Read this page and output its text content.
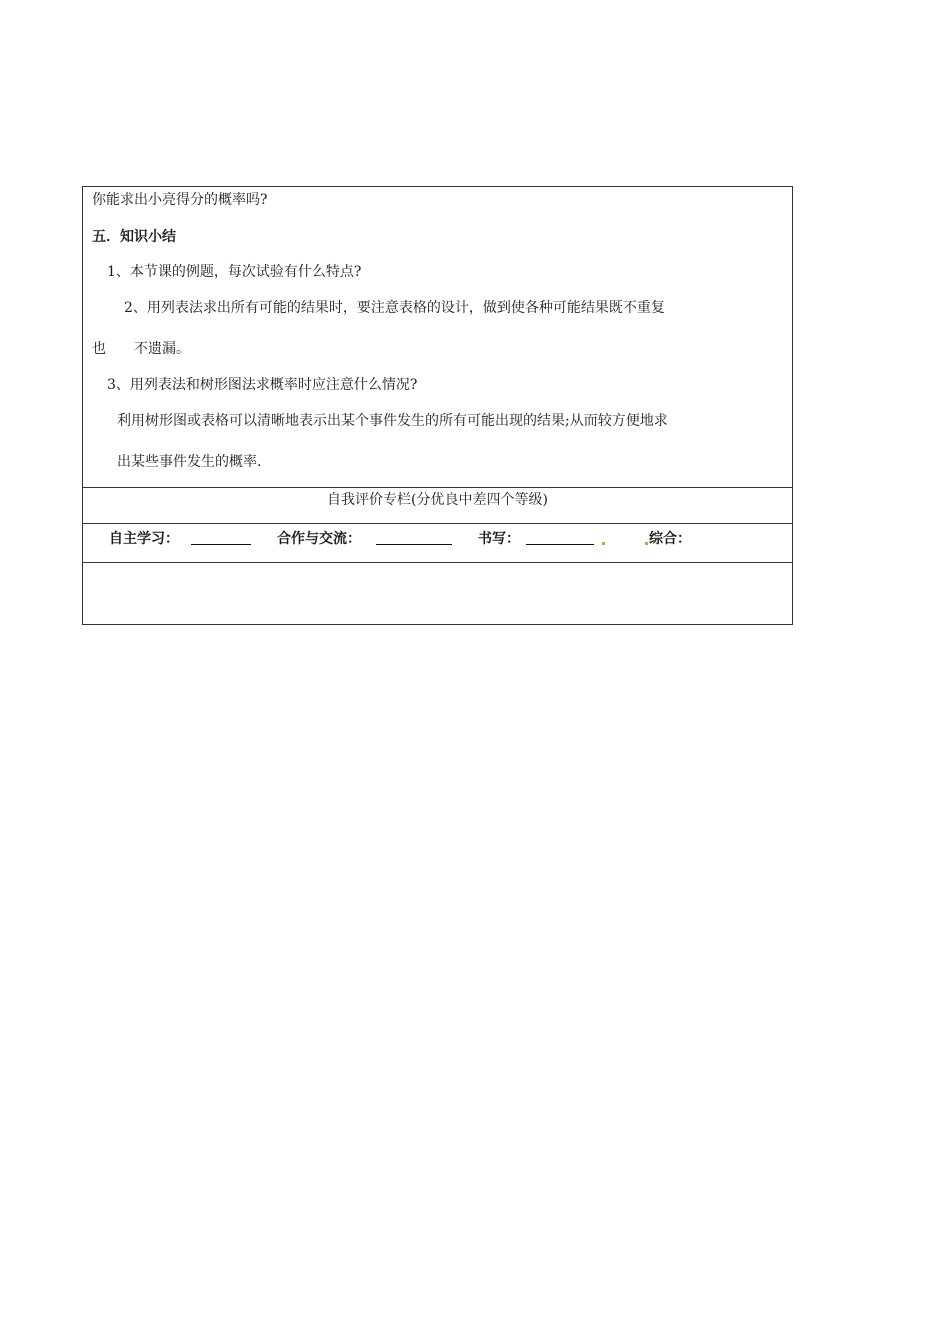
你能求出小亮得分的概率吗?
五．知识小结
1、本节课的例题，每次试验有什么特点?
2、用列表法求出所有可能的结果时，要注意表格的设计，做到使各种可能结果既不重复
也 不遗漏。
3、用列表法和树形图法求概率时应注意什么情况?
利用树形图或表格可以清晰地表示出某个事件发生的所有可能出现的结果;从而较方便地求
出某些事件发生的概率.
自我评价专栏(分优良中差四个等级)
自主学习：	合作与交流：	书写：	综合：
